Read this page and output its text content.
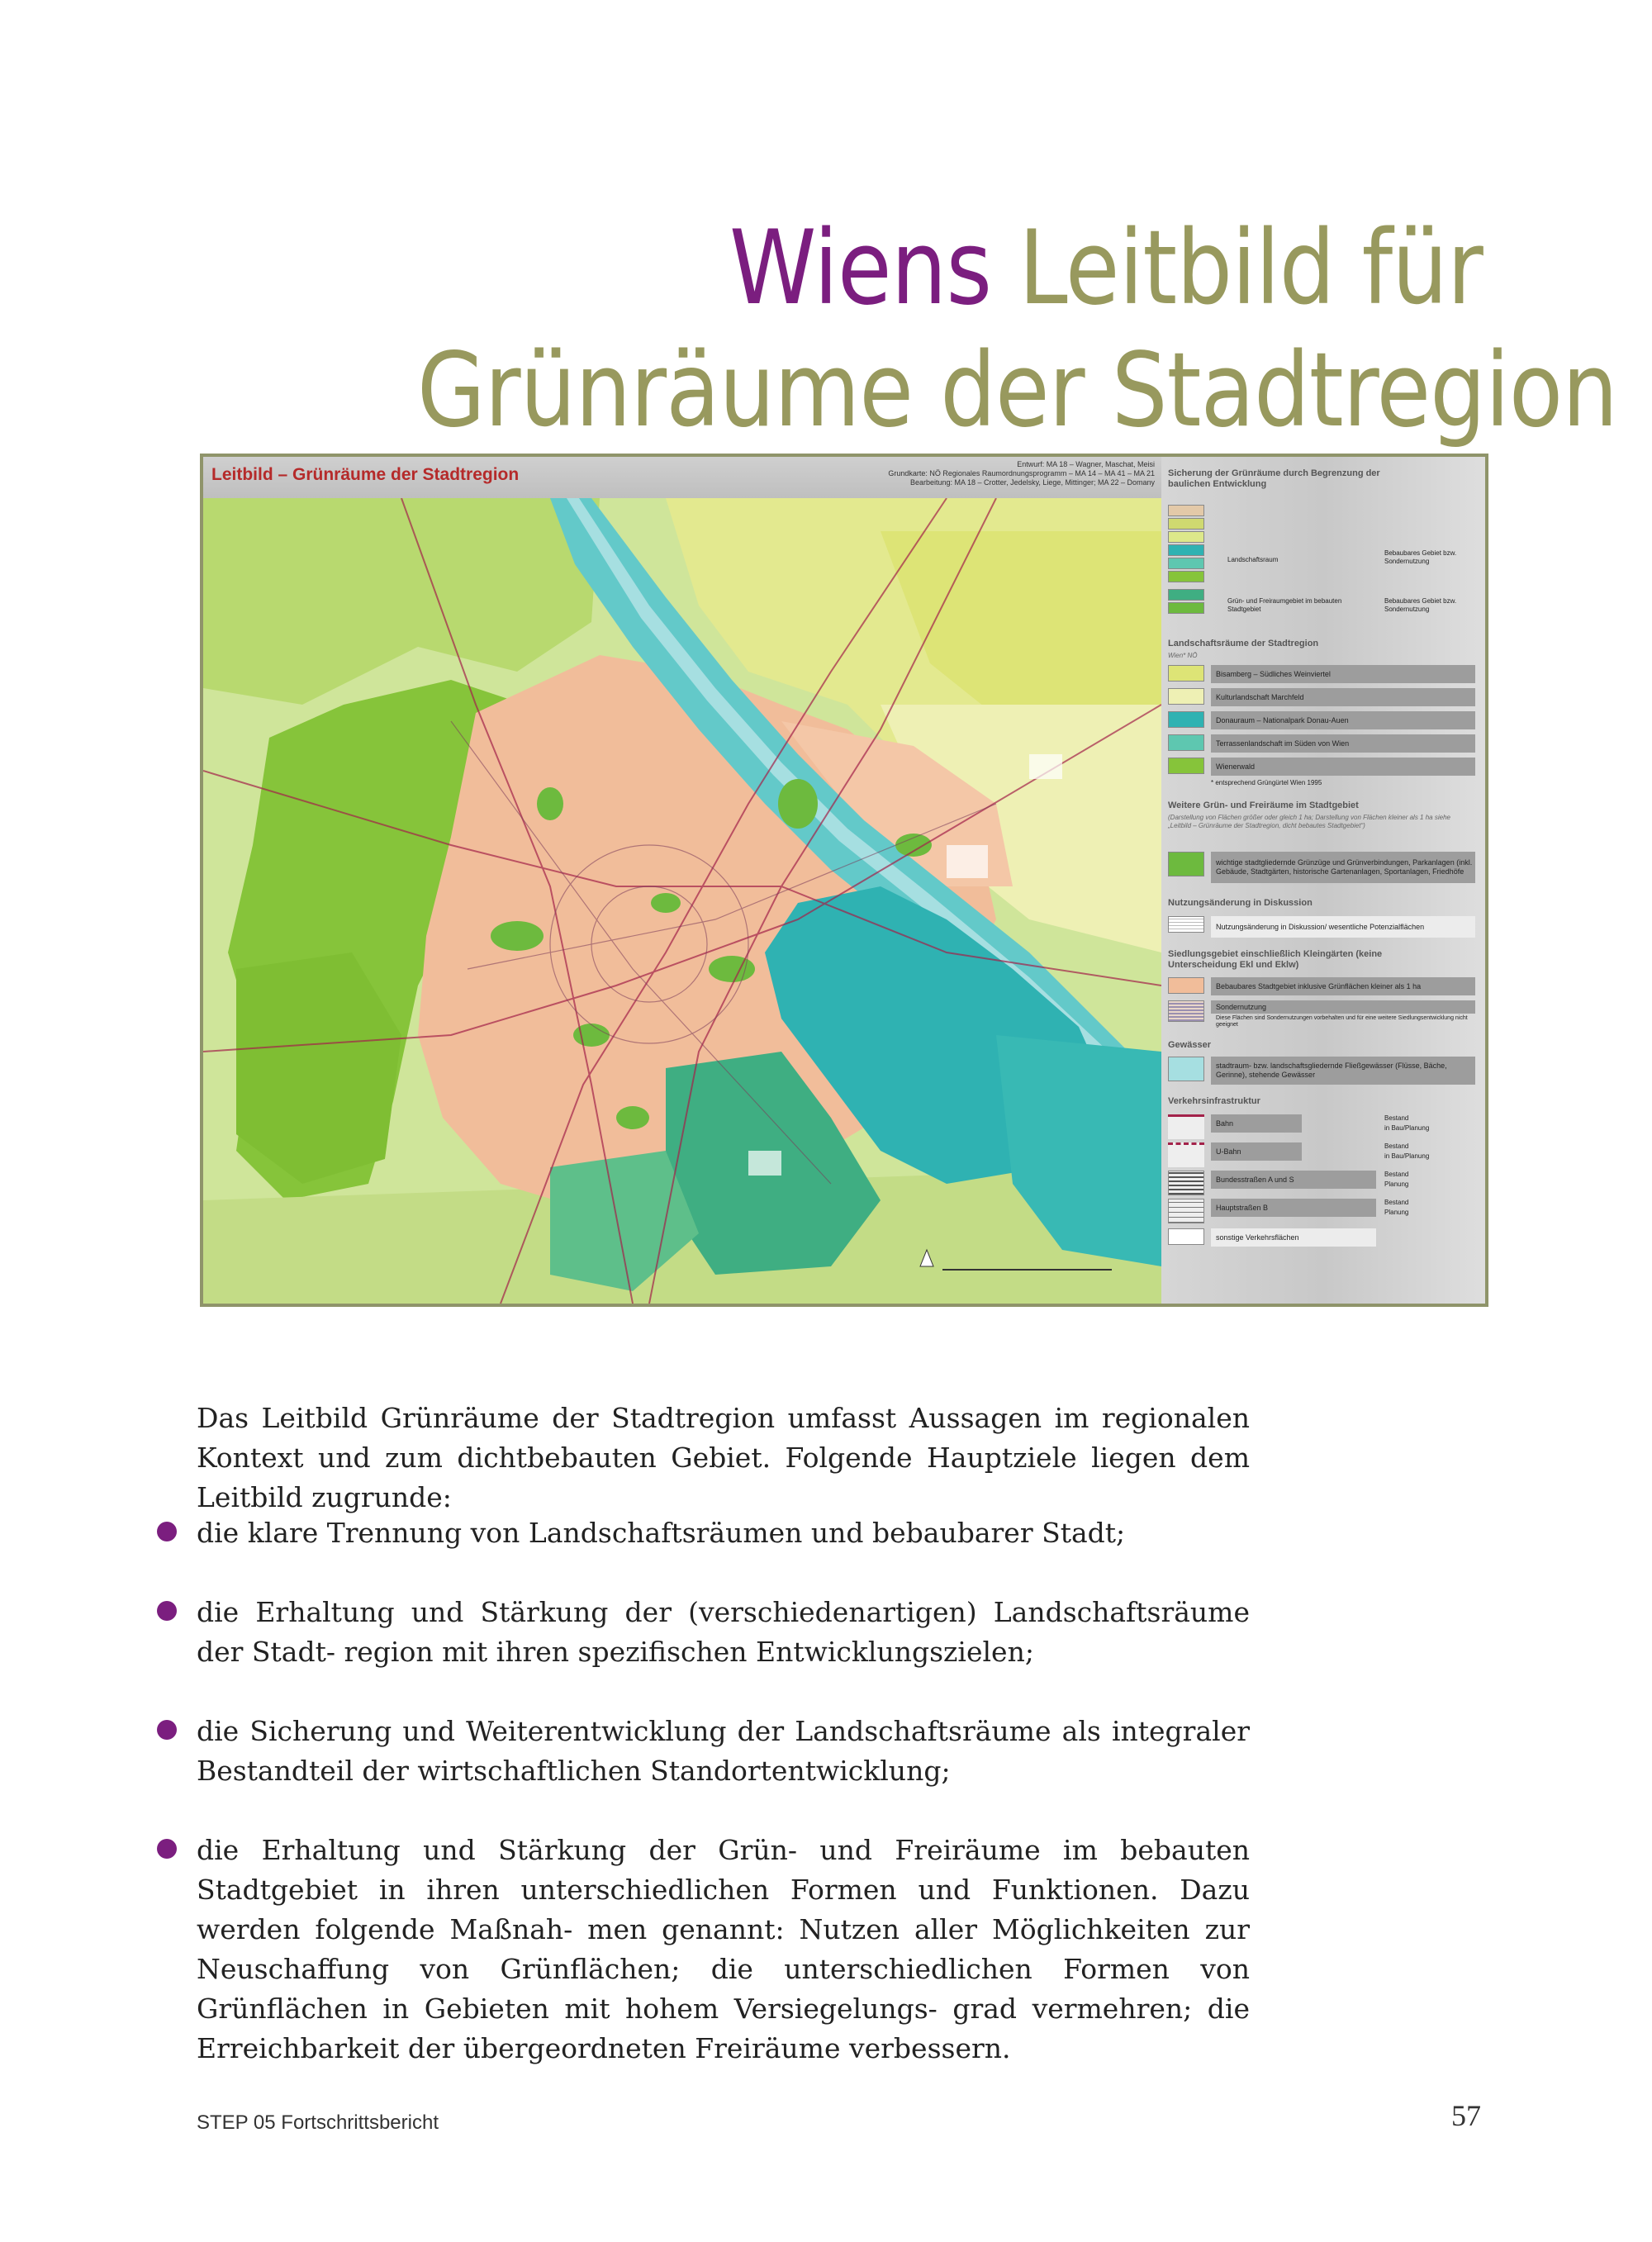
Wiens Leitbild für
Grünräume der Stadtregion
Leitbild – Grünräume der Stadtregion
Entwurf: MA 18 – Wagner, Maschat, Meisi
Grundkarte: NÖ Regionales Raumordnungsprogramm – MA 14 – MA 41 – MA 21
Bearbeitung: MA 18 – Crotter, Jedelsky, Liege, Mittinger; MA 22 – Domany
Sicherung der Grünräume durch Begrenzung der baulichen Entwicklung
Landschaftsraum
Grün- und Freiraumgebiet im bebauten Stadtgebiet
Bebaubares Gebiet bzw. Sondernutzung
Bebaubares Gebiet bzw. Sondernutzung
Landschaftsräume der Stadtregion
Wien* NÖ
Bisamberg – Südliches Weinviertel
Kulturlandschaft Marchfeld
Donauraum – Nationalpark Donau-Auen
Terrassenlandschaft im Süden von Wien
Wienerwald
* entsprechend Grüngürtel Wien 1995
Weitere Grün- und Freiräume im Stadtgebiet
(Darstellung von Flächen größer oder gleich 1 ha; Darstellung von Flächen kleiner als 1 ha siehe „Leitbild – Grünräume der Stadtregion, dicht bebautes Stadtgebiet“)
wichtige stadtgliedernde Grünzüge und Grünverbindungen, Parkanlagen (inkl. Gebäude, Stadtgärten, historische Gartenanlagen, Sportanlagen, Friedhöfe
Nutzungsänderung in Diskussion
Nutzungsänderung in Diskussion/ wesentliche Potenzialflächen
Siedlungsgebiet einschließlich Kleingärten (keine Unterscheidung Ekl und Eklw)
Bebaubares Stadtgebiet inklusive Grünflächen kleiner als 1 ha
Sondernutzung
Diese Flächen sind Sondernutzungen vorbehalten und für eine weitere Siedlungsentwicklung nicht geeignet
Gewässer
stadtraum- bzw. landschaftsgliedernde Fließgewässer (Flüsse, Bäche, Gerinne), stehende Gewässer
Verkehrsinfrastruktur
Bahn
Bestand
in Bau/Planung
U-Bahn
Bestand
in Bau/Planung
Bundesstraßen A und S
Bestand
Planung
Hauptstraßen B
Bestand
Planung
sonstige Verkehrsflächen

Das Leitbild Grünräume der Stadtregion umfasst Aussagen im regionalen Kontext und zum dichtbebauten Gebiet. Folgende Hauptziele liegen dem Leitbild zugrunde:

die klare Trennung von Landschaftsräumen und bebaubarer Stadt;
die Erhaltung und Stärkung der (verschiedenartigen) Landschaftsräume der Stadt- region mit ihren spezifischen Entwicklungszielen;
die Sicherung und Weiterentwicklung der Landschaftsräume als integraler Bestandteil der wirtschaftlichen Standortentwicklung;
die Erhaltung und Stärkung der Grün- und Freiräume im bebauten Stadtgebiet in ihren unterschiedlichen Formen und Funktionen. Dazu werden folgende Maßnah- men genannt: Nutzen aller Möglichkeiten zur Neuschaffung von Grünflächen; die unterschiedlichen Formen von Grünflächen in Gebieten mit hohem Versiegelungs- grad vermehren; die Erreichbarkeit der übergeordneten Freiräume verbessern.
STEP 05 Fortschrittsbericht	57
